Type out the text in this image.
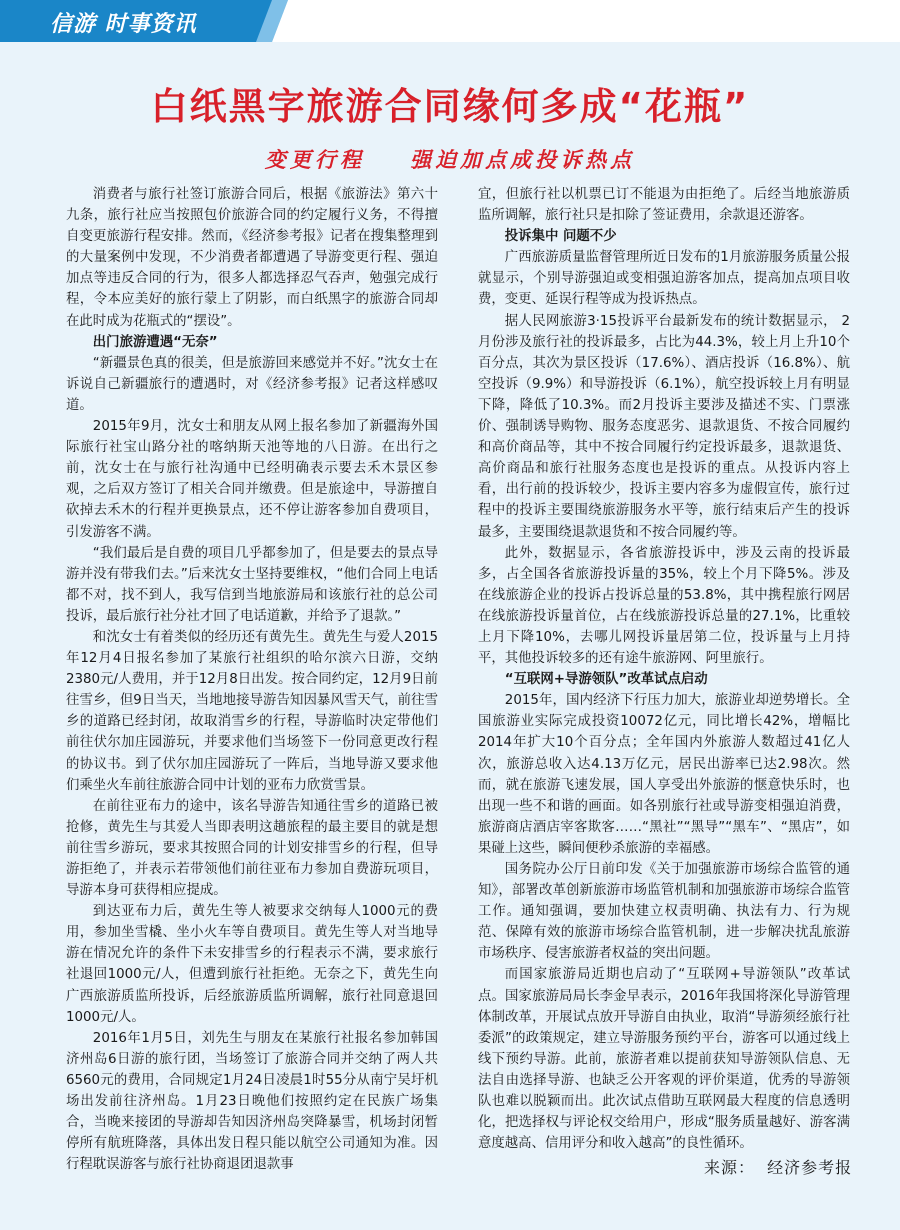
信游 时事资讯
白纸黑字旅游合同缘何多成“花瓶”
变更行程    强迫加点成投诉热点

消费者与旅行社签订旅游合同后，根据《旅游法》第六十九条，旅行社应当按照包价旅游合同的约定履行义务，不得擅自变更旅游行程安排。然而，《经济参考报》记者在搜集整理到的大量案例中发现，不少消费者都遭遇了导游变更行程、强迫加点等违反合同的行为，很多人都选择忍气吞声，勉强完成行程，令本应美好的旅行蒙上了阴影，而白纸黑字的旅游合同却在此时成为花瓶式的“摆设”。

出门旅游遭遇“无奈”

“新疆景色真的很美，但是旅游回来感觉并不好。”沈女士在诉说自己新疆旅行的遭遇时，对《经济参考报》记者这样感叹道。

2015年9月，沈女士和朋友从网上报名参加了新疆海外国际旅行社宝山路分社的喀纳斯天池等地的八日游。在出行之前，沈女士在与旅行社沟通中已经明确表示要去禾木景区参观，之后双方签订了相关合同并缴费。但是旅途中，导游擅自砍掉去禾木的行程并更换景点，还不停让游客参加自费项目，引发游客不满。

“我们最后是自费的项目几乎都参加了，但是要去的景点导游并没有带我们去。”后来沈女士坚持要维权，“他们合同上电话都不对，找不到人，我写信到当地旅游局和该旅行社的总公司投诉，最后旅行社分社才回了电话道歉，并给予了退款。”

和沈女士有着类似的经历还有黄先生。黄先生与爱人2015年12月4日报名参加了某旅行社组织的哈尔滨六日游，交纳2380元/人费用，并于12月8日出发。按合同约定，12月9日前往雪乡，但9日当天，当地地接导游告知因暴风雪天气，前往雪乡的道路已经封闭，故取消雪乡的行程，导游临时决定带他们前往伏尔加庄园游玩，并要求他们当场签下一份同意更改行程的协议书。到了伏尔加庄园游玩了一阵后，当地导游又要求他们乘坐火车前往旅游合同中计划的亚布力欣赏雪景。

在前往亚布力的途中，该名导游告知通往雪乡的道路已被抢修，黄先生与其爱人当即表明这趟旅程的最主要目的就是想前往雪乡游玩，要求其按照合同的计划安排雪乡的行程，但导游拒绝了，并表示若带领他们前往亚布力参加自费游玩项目，导游本身可获得相应提成。

到达亚布力后，黄先生等人被要求交纳每人1000元的费用，参加坐雪橇、坐小火车等自费项目。黄先生等人对当地导游在情况允许的条件下未安排雪乡的行程表示不满，要求旅行社退回1000元/人，但遭到旅行社拒绝。无奈之下，黄先生向广西旅游质监所投诉，后经旅游质监所调解，旅行社同意退回1000元/人。

2016年1月5日，刘先生与朋友在某旅行社报名参加韩国济州岛6日游的旅行团，当场签订了旅游合同并交纳了两人共6560元的费用，合同规定1月24日凌晨1时55分从南宁吴圩机场出发前往济州岛。1月23日晚他们按照约定在民族广场集合，当晚来接团的导游却告知因济州岛突降暴雪，机场封闭暂停所有航班降落，具体出发日程只能以航空公司通知为准。因行程耽误游客与旅行社协商退团退款事

宜，但旅行社以机票已订不能退为由拒绝了。后经当地旅游质监所调解，旅行社只是扣除了签证费用，余款退还游客。

投诉集中 问题不少

广西旅游质量监督管理所近日发布的1月旅游服务质量公报就显示，个别导游强迫或变相强迫游客加点，提高加点项目收费，变更、延误行程等成为投诉热点。

据人民网旅游3·15投诉平台最新发布的统计数据显示， 2月份涉及旅行社的投诉最多，占比为44.3%，较上月上升10个百分点，其次为景区投诉（17.6%）、酒店投诉（16.8%）、航空投诉（9.9%）和导游投诉（6.1%），航空投诉较上月有明显下降，降低了10.3%。而2月投诉主要涉及描述不实、门票涨价、强制诱导购物、服务态度恶劣、退款退货、不按合同履约和高价商品等，其中不按合同履行约定投诉最多，退款退货、高价商品和旅行社服务态度也是投诉的重点。从投诉内容上看，出行前的投诉较少，投诉主要内容多为虚假宣传，旅行过程中的投诉主要围绕旅游服务水平等，旅行结束后产生的投诉最多，主要围绕退款退货和不按合同履约等。

此外，数据显示，各省旅游投诉中，涉及云南的投诉最多，占全国各省旅游投诉量的35%，较上个月下降5%。涉及在线旅游企业的投诉占投诉总量的53.8%，其中携程旅行网居在线旅游投诉量首位，占在线旅游投诉总量的27.1%，比重较上月下降10%，去哪儿网投诉量居第二位，投诉量与上月持平，其他投诉较多的还有途牛旅游网、阿里旅行。

“互联网+导游领队”改革试点启动

2015年，国内经济下行压力加大，旅游业却逆势增长。全国旅游业实际完成投资10072亿元，同比增长42%，增幅比2014年扩大10个百分点；全年国内外旅游人数超过41亿人次，旅游总收入达4.13万亿元，居民出游率已达2.98次。然而，就在旅游飞速发展，国人享受出外旅游的惬意快乐时，也出现一些不和谐的画面。如各别旅行社或导游变相强迫消费，旅游商店酒店宰客欺客……“黑社”“黑导”“黑车”、“黑店”，如果碰上这些，瞬间便秒杀旅游的幸福感。

国务院办公厅日前印发《关于加强旅游市场综合监管的通知》，部署改革创新旅游市场监管机制和加强旅游市场综合监管工作。通知强调，要加快建立权责明确、执法有力、行为规范、保障有效的旅游市场综合监管机制，进一步解决扰乱旅游市场秩序、侵害旅游者权益的突出问题。

而国家旅游局近期也启动了“互联网+导游领队”改革试点。国家旅游局局长李金早表示，2016年我国将深化导游管理体制改革，开展试点放开导游自由执业，取消“导游须经旅行社委派”的政策规定，建立导游服务预约平台，游客可以通过线上线下预约导游。此前，旅游者难以提前获知导游领队信息、无法自由选择导游、也缺乏公开客观的评价渠道，优秀的导游领队也难以脱颖而出。此次试点借助互联网最大程度的信息透明化，把选择权与评论权交给用户，形成“服务质量越好、游客满意度越高、信用评分和收入越高”的良性循环。

来源：  经济参考报
